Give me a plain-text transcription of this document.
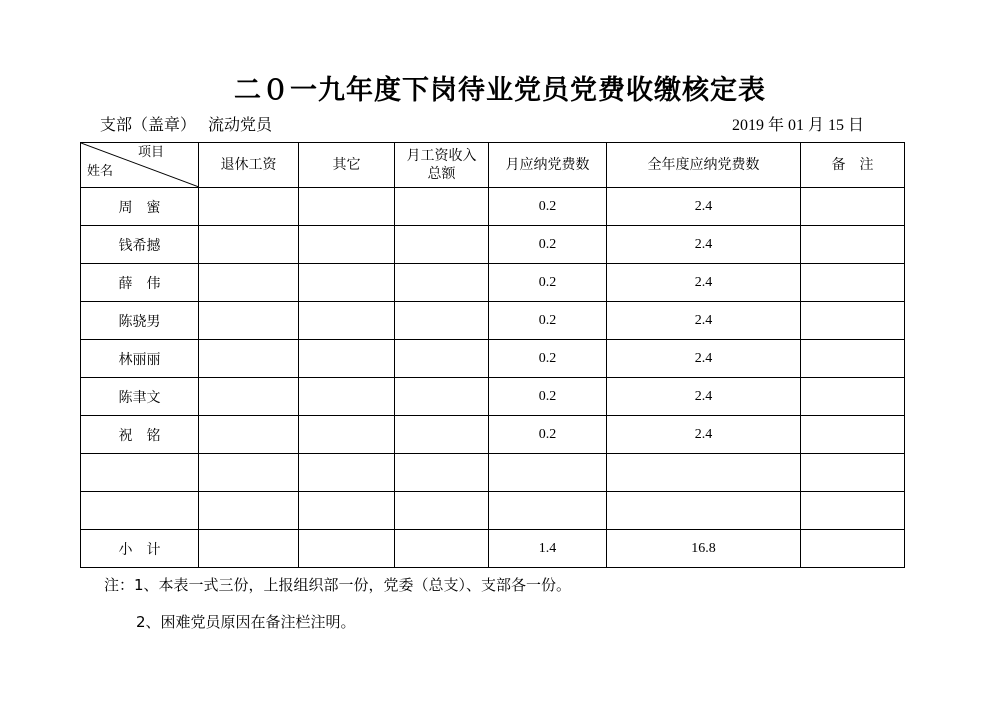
二０一九年度下岗待业党员党费收缴核定表
支部（盖章） 流动党员	2019 年 01 月 15 日
项目
姓名	退休工资	其它	月工资收入总额	月应纳党费数	全年度应纳党费数	备　注
周　蜜				0.2	2.4	
钱希撼				0.2	2.4	
薛　伟				0.2	2.4	
陈骁男				0.2	2.4	
林丽丽				0.2	2.4	
陈聿文				0.2	2.4	
祝　铭				0.2	2.4	

小　计				1.4	16.8	
注：1、本表一式三份，上报组织部一份，党委（总支）、支部各一份。
2、困难党员原因在备注栏注明。
